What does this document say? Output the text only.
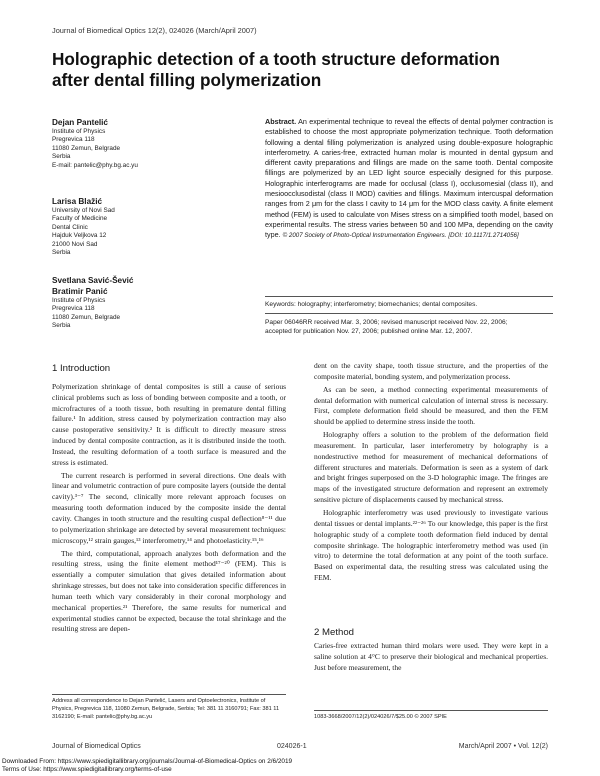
Journal of Biomedical Optics 12(2), 024026 (March/April 2007)
Holographic detection of a tooth structure deformation
after dental filling polymerization
Dejan Pantelić
Institute of Physics
Pregrevica 118
11080 Zemun, Belgrade
Serbia
E-mail: pantelic@phy.bg.ac.yu
Larisa Blažić
University of Novi Sad
Faculty of Medicine
Dental Clinic
Hajduk Veljkova 12
21000 Novi Sad
Serbia
Svetlana Savić-Šević
Bratimir Panić
Institute of Physics
Pregrevica 118
11080 Zemun, Belgrade
Serbia
Abstract. An experimental technique to reveal the effects of dental polymer contraction is established to choose the most appropriate polymerization technique. Tooth deformation following a dental filling polymerization is analyzed using double-exposure holographic interferometry. A caries-free, extracted human molar is mounted in dental gypsum and different cavity preparations and fillings are made on the same tooth. Dental composite fillings are polymerized by an LED light source especially designed for this purpose. Holographic interferograms are made for occlusal (class I), occlusomesial (class II), and mesioocclusodistal (class II MOD) cavities and fillings. Maximum intercuspal deformation ranges from 2 μm for the class I cavity to 14 μm for the MOD class cavity. A finite element method (FEM) is used to calculate von Mises stress on a simplified tooth model, based on experimental results. The stress varies between 50 and 100 MPa, depending on the cavity type. © 2007 Society of Photo-Optical Instrumentation Engineers. [DOI: 10.1117/1.2714056]
Keywords: holography; interferometry; biomechanics; dental composites.
Paper 06046RR received Mar. 3, 2006; revised manuscript received Nov. 22, 2006;
accepted for publication Nov. 27, 2006; published online Mar. 12, 2007.
1 Introduction

Polymerization shrinkage of dental composites is still a cause of serious clinical problems such as loss of bonding between composite and a tooth, or microfractures of a tooth tissue, both resulting in premature dental filling failure.¹ In addition, stress caused by polymerization contraction may also cause postoperative sensitivity.² It is difficult to directly measure stress induced by dental composite contraction, as it is distributed inside the tooth. Instead, the resulting deformation of a tooth surface is measured and the stress is estimated.

The current research is performed in several directions. One deals with linear and volumetric contraction of pure composite layers (outside the dental cavity).³⁻⁷ The second, clinically more relevant approach focuses on measuring tooth deformation induced by the composite inside the dental cavity. Changes in tooth structure and the resulting cuspal deflection⁸⁻¹¹ due to polymerization shrinkage are detected by several measurement techniques: microscopy,¹² strain gauges,¹³ interferometry,¹⁴ and photoelasticity.¹⁵,¹⁶

The third, computational, approach analyzes both deformation and the resulting stress, using the finite element method¹⁷⁻²⁰ (FEM). This is essentially a computer simulation that gives detailed information about shrinkage stresses, but does not take into consideration specific differences in human teeth which vary considerably in their coronal morphology and mechanical properties.²¹ Therefore, the same results for numerical and experimental studies cannot be expected, because the total shrinkage and the resulting stress are depen-

dent on the cavity shape, tooth tissue structure, and the properties of the composite material, bonding system, and polymerization process.

As can be seen, a method connecting experimental measurements of dental deformation with numerical calculation of internal stress is necessary. First, complete deformation field should be measured, and then the FEM should be applied to determine stress inside the tooth.

Holography offers a solution to the problem of the deformation field measurement. In particular, laser interferometry by holography is a nondestructive method for measurement of mechanical deformations of different structures and materials. Deformation is seen as a system of dark and bright fringes superposed on the 3-D holographic image. The fringes are maps of the investigated structure deformation and represent an extremely sensitive picture of displacements caused by mechanical stress.

Holographic interferometry was used previously to investigate various dental tissues or dental implants.²²⁻²⁶ To our knowledge, this paper is the first holographic study of a complete tooth deformation field induced by dental composite shrinkage. The holographic interferometry method was used (in vitro) to determine the total deformation at any point of the tooth surface. Based on experimental data, the resulting stress was calculated using the FEM.

2 Method

Caries-free extracted human third molars were used. They were kept in a saline solution at 4°C to preserve their biological and mechanical properties. Just before measurement, the

Address all correspondence to Dejan Pantelić, Lasers and Optoelectronics, Institute of Physics, Pregrevica 118, 11080 Zemun, Belgrade, Serbia; Tel: 381 11 3160791; Fax: 381 11 3162190; E-mail: pantelic@phy.bg.ac.yu	1083-3668/2007/12(2)/024026/7/$25.00 © 2007 SPIE
Journal of Biomedical Optics	024026-1	March/April 2007 • Vol. 12(2)
Downloaded From: https://www.spiedigitallibrary.org/journals/Journal-of-Biomedical-Optics on 2/6/2019
Terms of Use: https://www.spiedigitallibrary.org/terms-of-use
